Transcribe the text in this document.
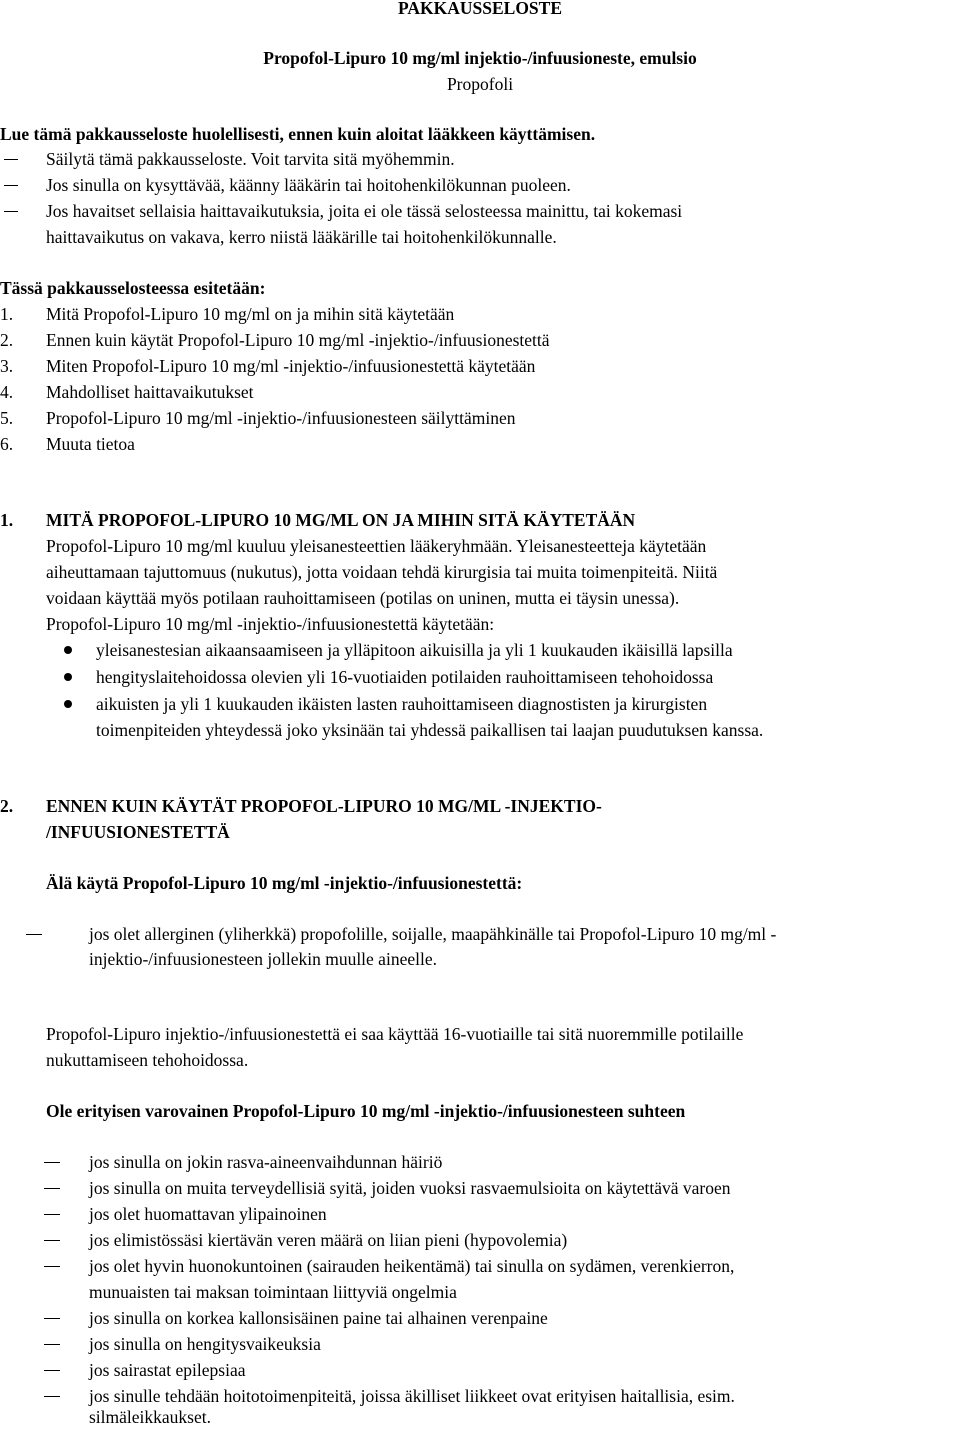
PAKKAUSSELOSTE
Propofol-Lipuro 10 mg/ml injektio-/infuusioneste, emulsio
Propofoli
Lue tämä pakkausseloste huolellisesti, ennen kuin aloitat lääkkeen käyttämisen.
Säilytä tämä pakkausseloste. Voit tarvita sitä myöhemmin.
Jos sinulla on kysyttävää, käänny lääkärin tai hoitohenkilökunnan puoleen.
Jos havaitset sellaisia haittavaikutuksia, joita ei ole tässä selosteessa mainittu, tai kokemasi
haittavaikutus on vakava, kerro niistä lääkärille tai hoitohenkilökunnalle.
Tässä pakkausselosteessa esitetään:
1. Mitä Propofol-Lipuro 10 mg/ml on ja mihin sitä käytetään
2. Ennen kuin käytät Propofol-Lipuro 10 mg/ml -injektio-/infuusionestettä
3. Miten Propofol-Lipuro 10 mg/ml -injektio-/infuusionestettä käytetään
4. Mahdolliset haittavaikutukset
5. Propofol-Lipuro 10 mg/ml -injektio-/infuusionesteen säilyttäminen
6. Muuta tietoa
1. MITÄ PROPOFOL-LIPURO 10 MG/ML ON JA MIHIN SITÄ KÄYTETÄÄN
Propofol-Lipuro 10 mg/ml kuuluu yleisanesteettien lääkeryhmään. Yleisanesteetteja käytetään
aiheuttamaan tajuttomuus (nukutus), jotta voidaan tehdä kirurgisia tai muita toimenpiteitä. Niitä
voidaan käyttää myös potilaan rauhoittamiseen (potilas on uninen, mutta ei täysin unessa).
Propofol-Lipuro 10 mg/ml -injektio-/infuusionestettä käytetään:
yleisanestesian aikaansaamiseen ja ylläpitoon aikuisilla ja yli 1 kuukauden ikäisillä lapsilla
hengityslaitehoidossa olevien yli 16-vuotiaiden potilaiden rauhoittamiseen tehohoidossa
aikuisten ja yli 1 kuukauden ikäisten lasten rauhoittamiseen diagnostisten ja kirurgisten
toimenpiteiden yhteydessä joko yksinään tai yhdessä paikallisen tai laajan puudutuksen kanssa.
2. ENNEN KUIN KÄYTÄT PROPOFOL-LIPURO 10 MG/ML -INJEKTIO-
/INFUUSIONESTETTÄ
Älä käytä Propofol-Lipuro 10 mg/ml -injektio-/infuusionestettä:
jos olet allerginen (yliherkkä) propofolille, soijalle, maapähkinälle tai Propofol-Lipuro 10 mg/ml -
injektio-/infuusionesteen jollekin muulle aineelle.
Propofol-Lipuro injektio-/infuusionestettä ei saa käyttää 16-vuotiaille tai sitä nuoremmille potilaille
nukuttamiseen tehohoidossa.
Ole erityisen varovainen Propofol-Lipuro 10 mg/ml -injektio-/infuusionesteen suhteen
jos sinulla on jokin rasva-aineenvaihdunnan häiriö
jos sinulla on muita terveydellisiä syitä, joiden vuoksi rasvaemulsioita on käytettävä varoen
jos olet huomattavan ylipainoinen
jos elimistössäsi kiertävän veren määrä on liian pieni (hypovolemia)
jos olet hyvin huonokuntoinen (sairauden heikentämä) tai sinulla on sydämen, verenkierron,
munuaisten tai maksan toimintaan liittyviä ongelmia
jos sinulla on korkea kallonsisäinen paine tai alhainen verenpaine
jos sinulla on hengitysvaikeuksia
jos sairastat epilepsiaa
jos sinulle tehdään hoitotoimenpiteitä, joissa äkilliset liikkeet ovat erityisen haitallisia, esim.
silmäleikkaukset.
